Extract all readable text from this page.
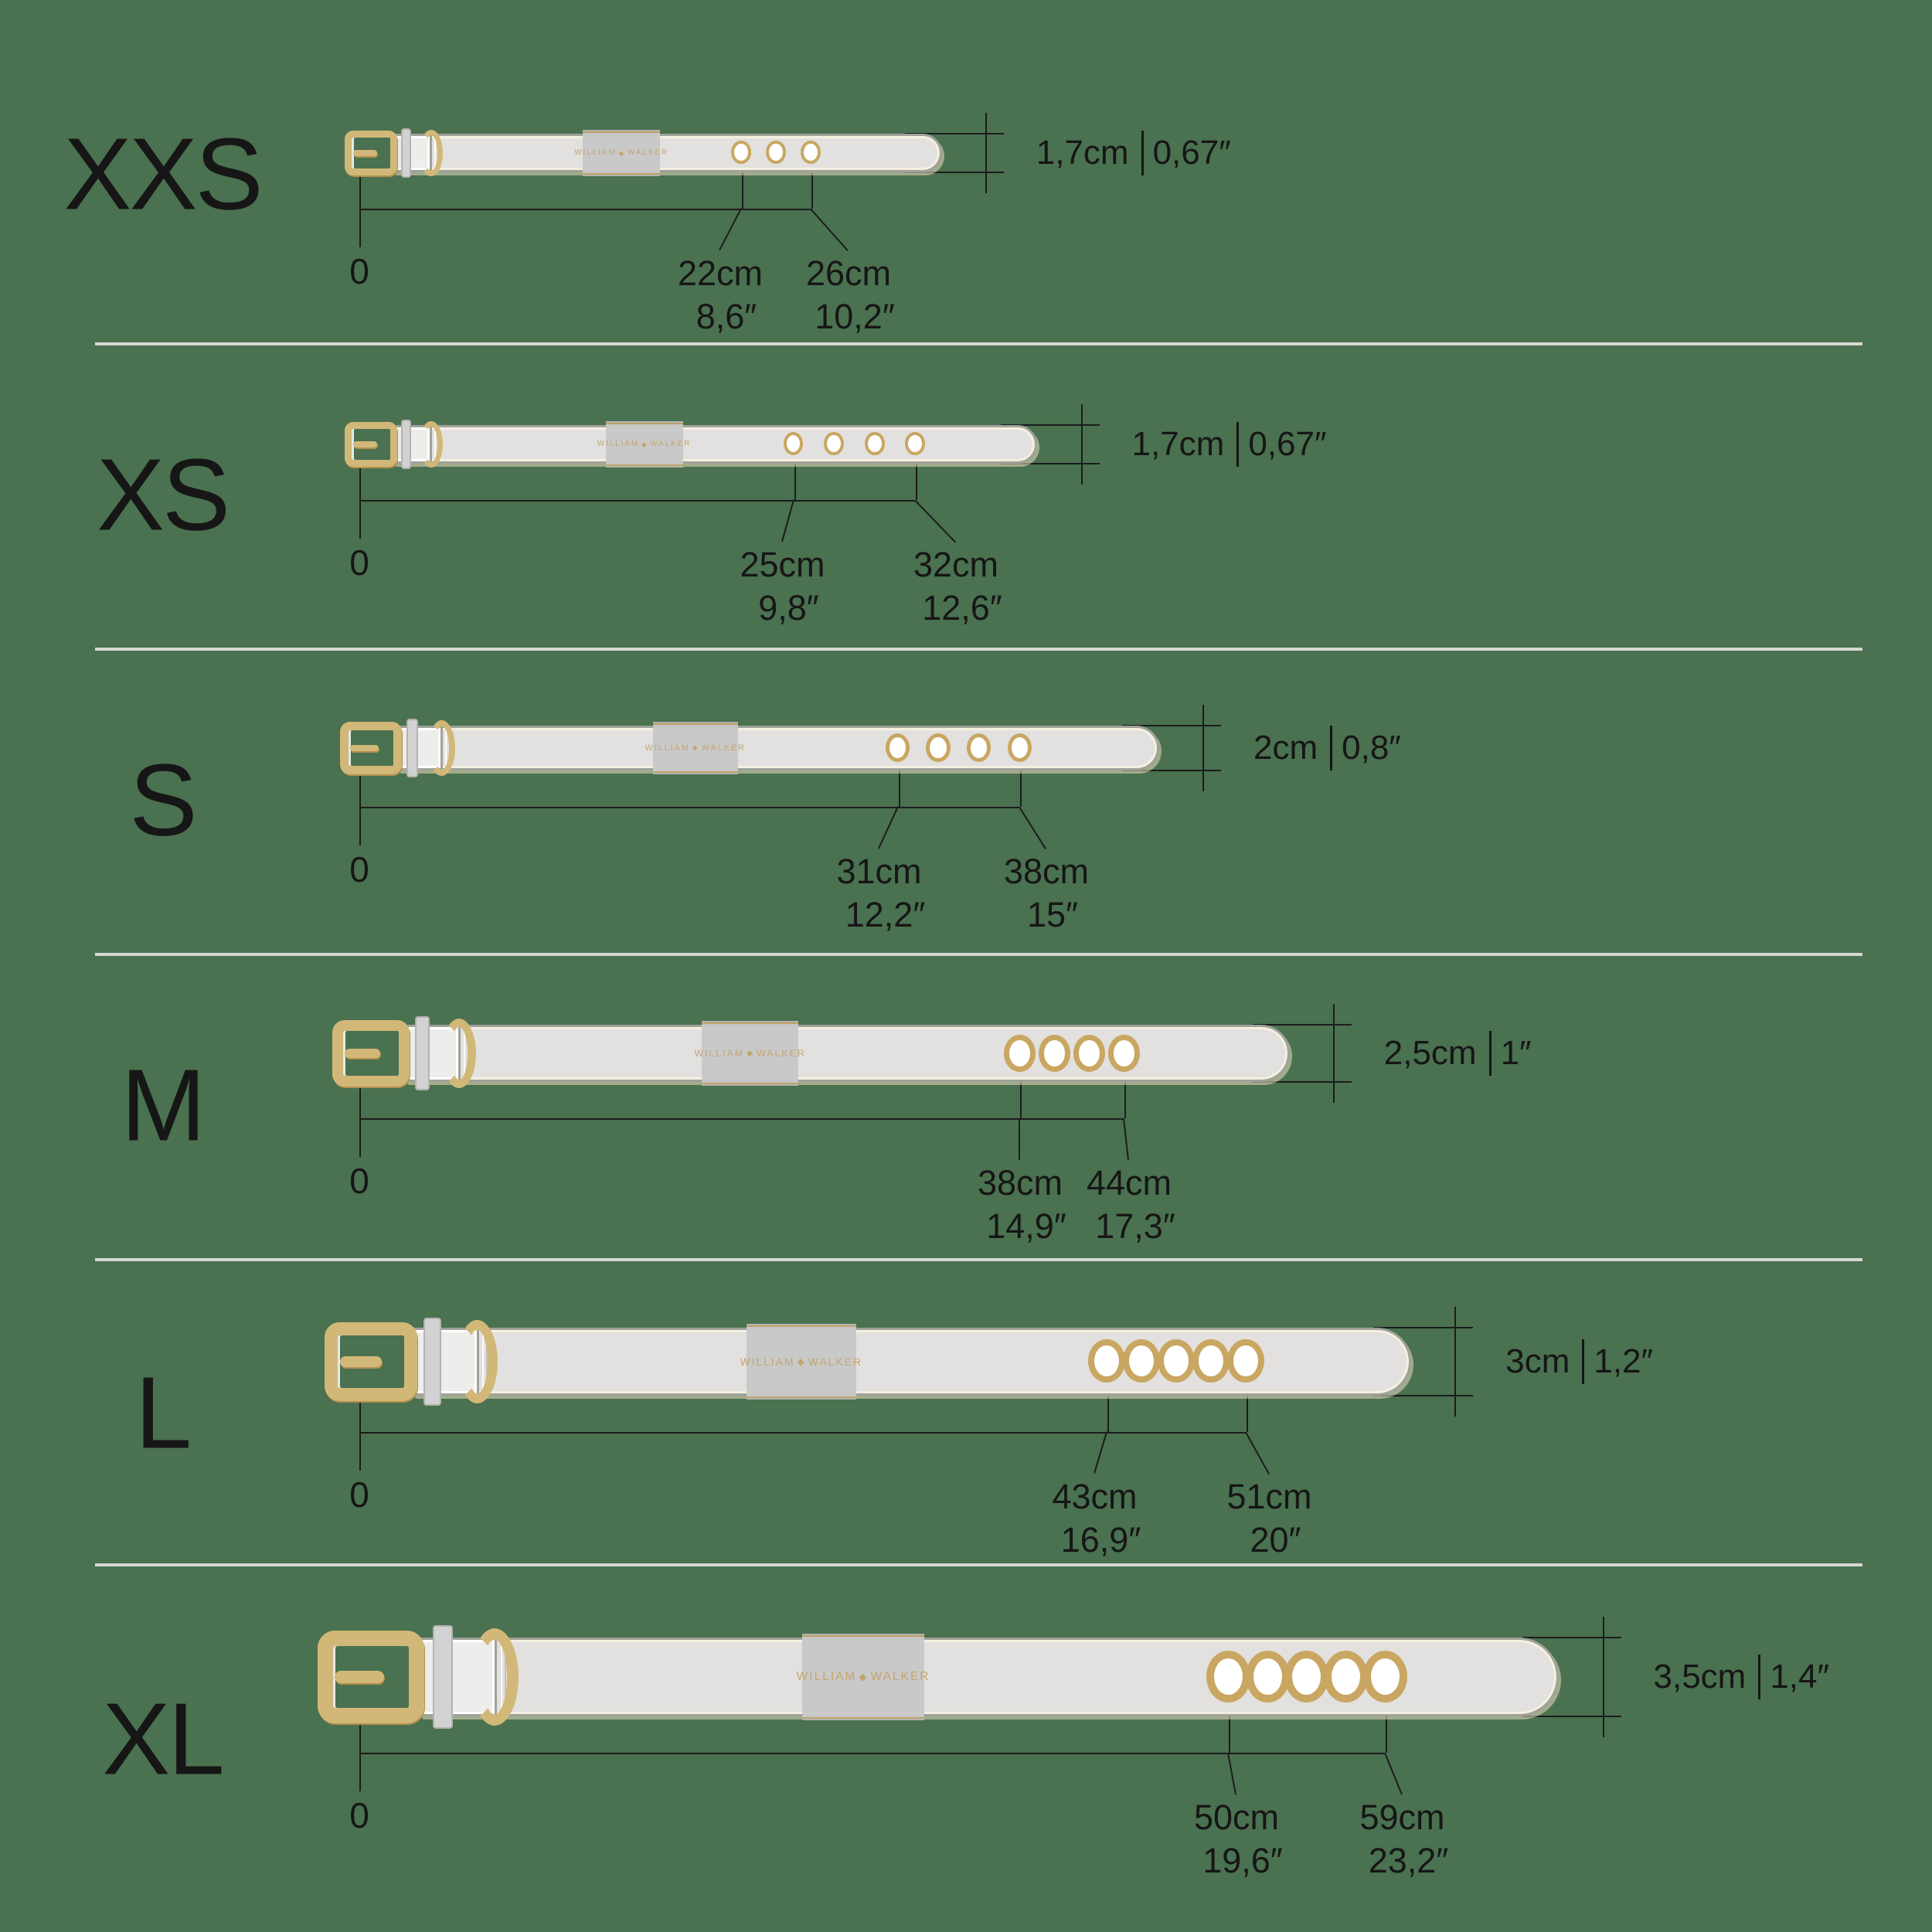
XXS	WILLIAM ◆ WALKER
22cm
8,6″
26cm
10,2″
0
1,7cm 0,67″
XS	WILLIAM ◆ WALKER
25cm
9,8″
32cm
12,6″
0
1,7cm 0,67″
S	WILLIAM ◆ WALKER
31cm
12,2″
38cm
15″
0
2cm 0,8″
M	WILLIAM ◆ WALKER
38cm
14,9″
44cm
17,3″
0
2,5cm 1″
L	WILLIAM ◆ WALKER
43cm
16,9″
51cm
20″
0
3cm 1,2″
XL
WILLIAM ◆ WALKER
50cm
19,6″
59cm
23,2″
0
3,5cm 1,4″
